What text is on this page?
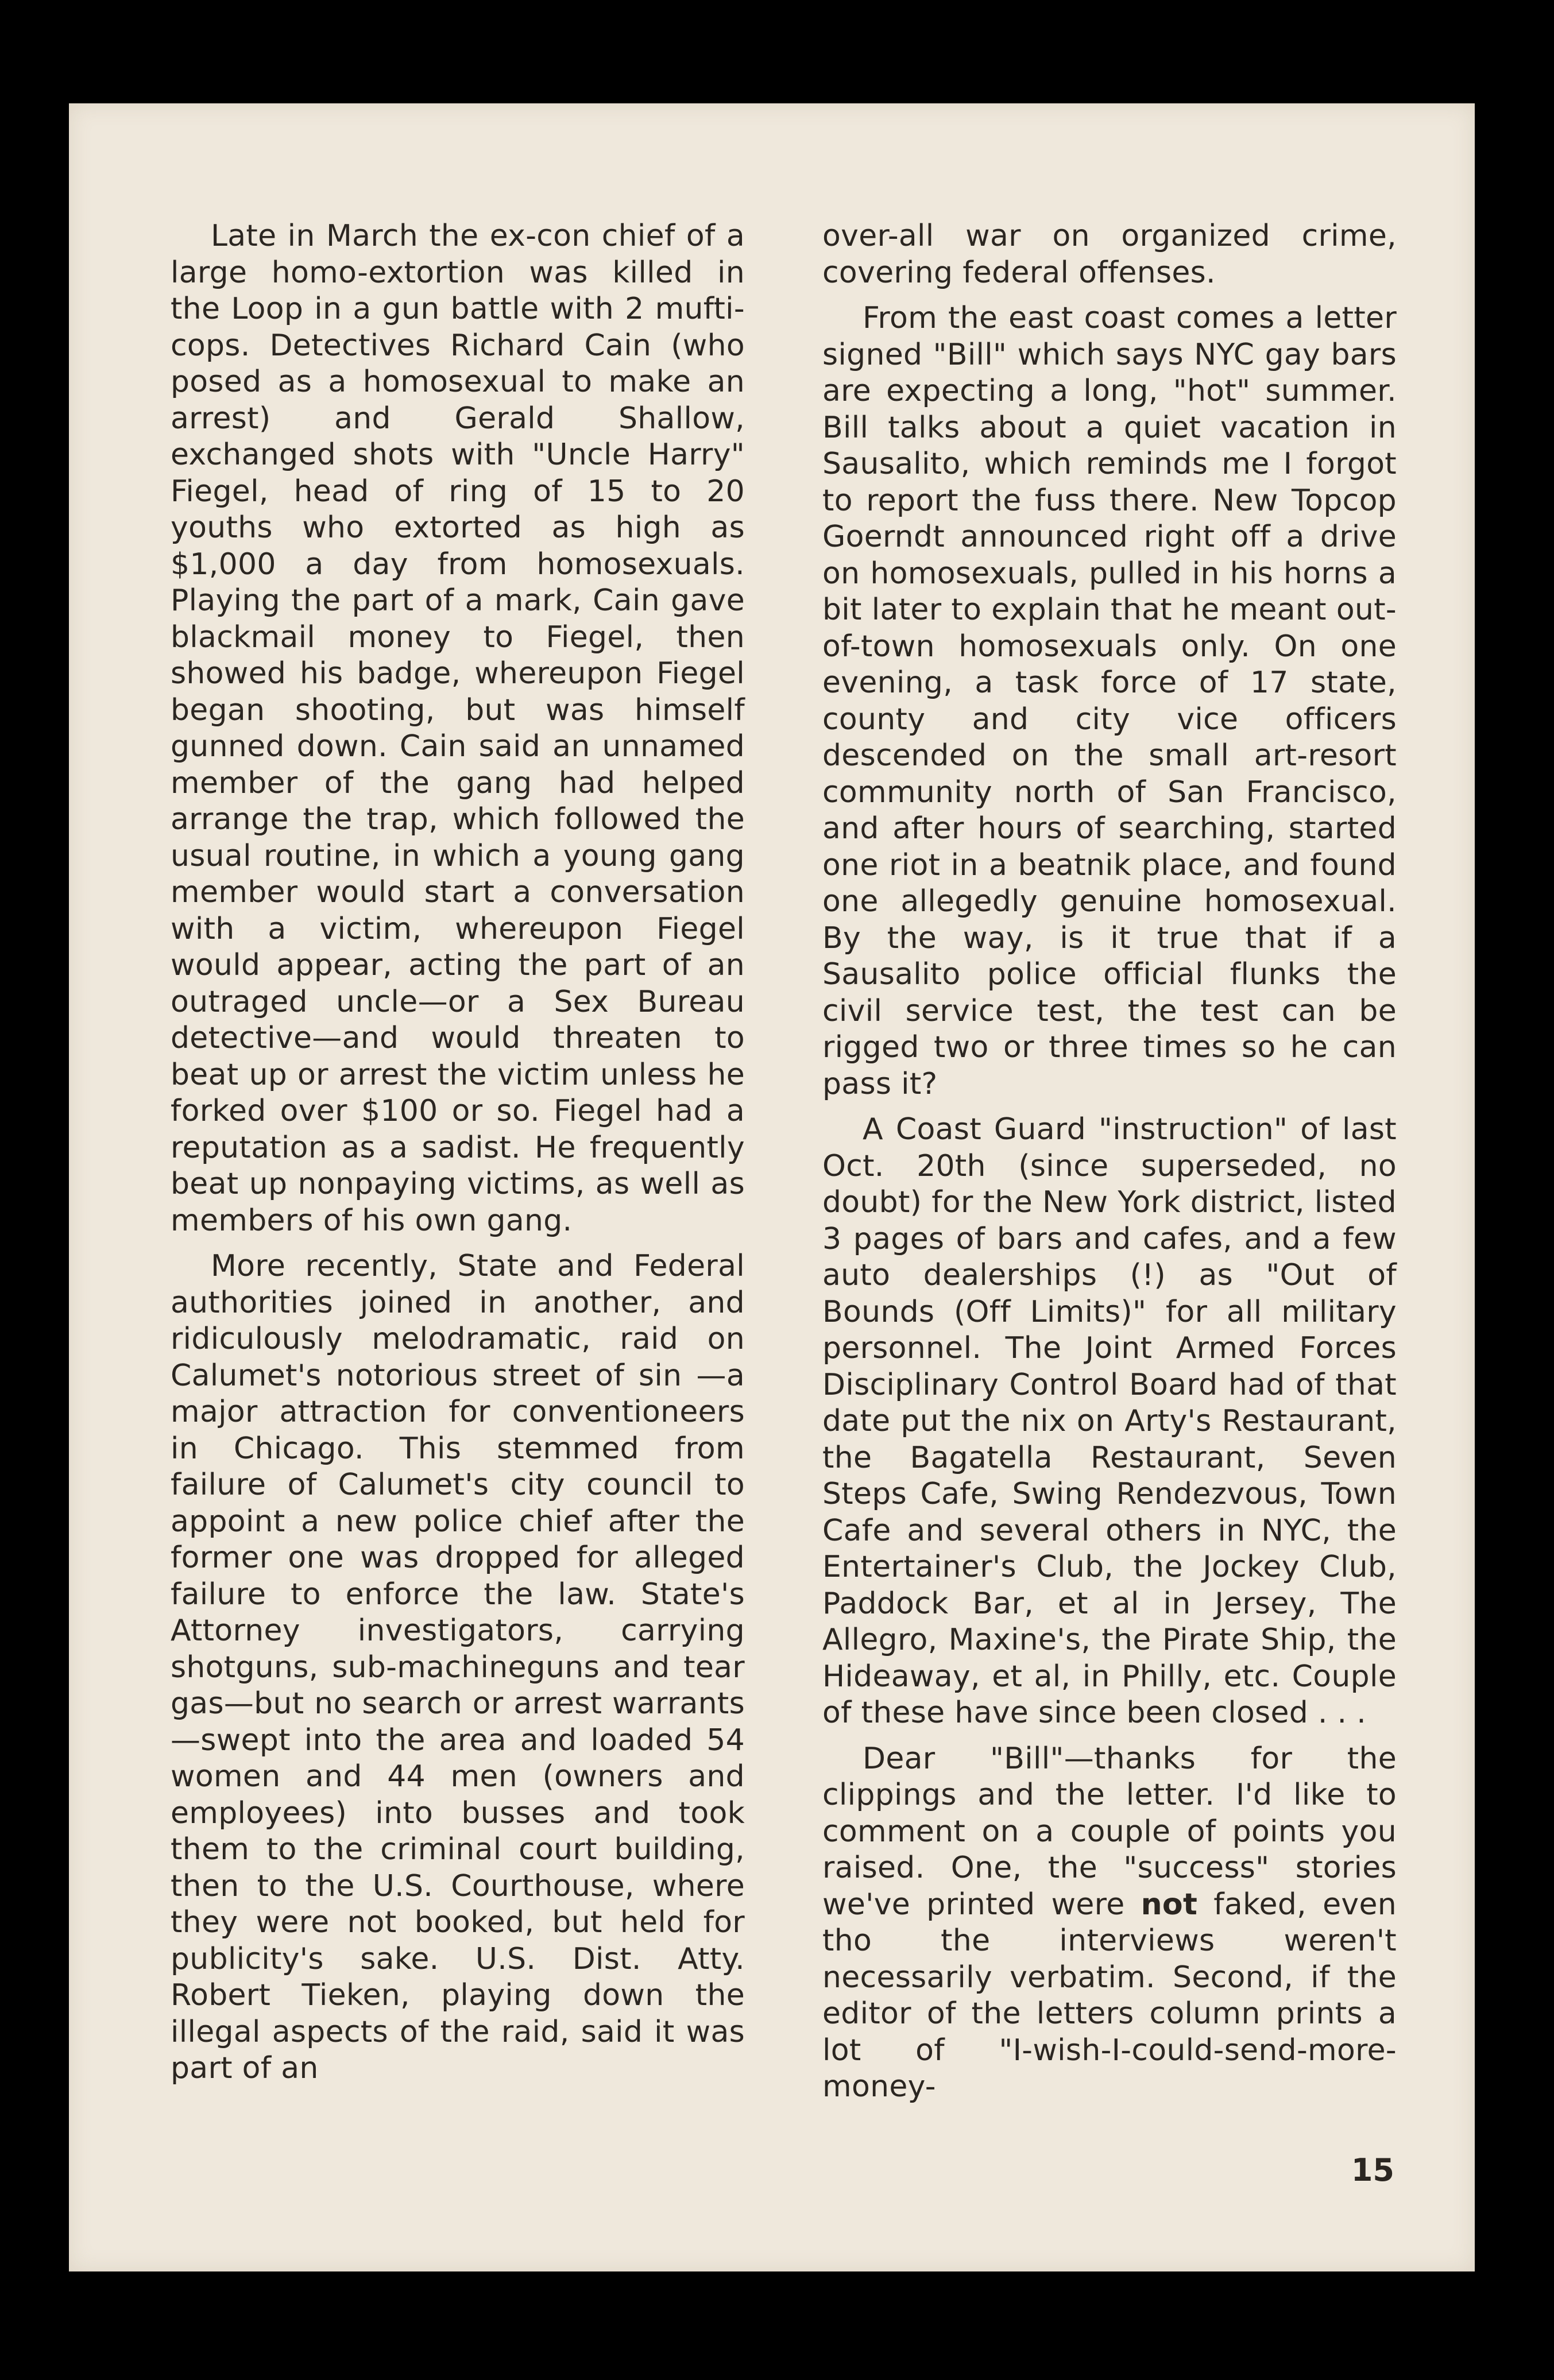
Late in March the ex-con chief of a large homo-extortion was killed in the Loop in a gun battle with 2 mufti-cops. Detectives Richard Cain (who posed as a homosexual to make an arrest) and Gerald Shallow, exchanged shots with "Uncle Harry" Fiegel, head of ring of 15 to 20 youths who extorted as high as $1,000 a day from homosexuals. Playing the part of a mark, Cain gave blackmail money to Fiegel, then showed his badge, whereupon Fiegel began shooting, but was himself gunned down. Cain said an unnamed member of the gang had helped arrange the trap, which followed the usual routine, in which a young gang member would start a conversation with a victim, whereupon Fiegel would appear, acting the part of an outraged uncle—or a Sex Bureau detective—and would threaten to beat up or arrest the victim unless he forked over $100 or so. Fiegel had a reputation as a sadist. He frequently beat up nonpaying victims, as well as members of his own gang.

More recently, State and Federal authorities joined in another, and ridiculously melodramatic, raid on Calumet's notorious street of sin —a major attraction for conventioneers in Chicago. This stemmed from failure of Calumet's city council to appoint a new police chief after the former one was dropped for alleged failure to enforce the law. State's Attorney investigators, carrying shotguns, sub-machineguns and tear gas—but no search or arrest warrants—swept into the area and loaded 54 women and 44 men (owners and employees) into busses and took them to the criminal court building, then to the U.S. Courthouse, where they were not booked, but held for publicity's sake. U.S. Dist. Atty. Robert Tieken, playing down the illegal aspects of the raid, said it was part of an

over-all war on organized crime, covering federal offenses.

From the east coast comes a letter signed "Bill" which says NYC gay bars are expecting a long, "hot" summer. Bill talks about a quiet vacation in Sausalito, which reminds me I forgot to report the fuss there. New Topcop Goerndt announced right off a drive on homosexuals, pulled in his horns a bit later to explain that he meant out-of-town homosexuals only. On one evening, a task force of 17 state, county and city vice officers descended on the small art-resort community north of San Francisco, and after hours of searching, started one riot in a beatnik place, and found one allegedly genuine homosexual. By the way, is it true that if a Sausalito police official flunks the civil service test, the test can be rigged two or three times so he can pass it?

A Coast Guard "instruction" of last Oct. 20th (since superseded, no doubt) for the New York district, listed 3 pages of bars and cafes, and a few auto dealerships (!) as "Out of Bounds (Off Limits)" for all military personnel. The Joint Armed Forces Disciplinary Control Board had of that date put the nix on Arty's Restaurant, the Bagatella Restaurant, Seven Steps Cafe, Swing Rendezvous, Town Cafe and several others in NYC, the Entertainer's Club, the Jockey Club, Paddock Bar, et al in Jersey, The Allegro, Maxine's, the Pirate Ship, the Hideaway, et al, in Philly, etc. Couple of these have since been closed . . .

Dear "Bill"—thanks for the clippings and the letter. I'd like to comment on a couple of points you raised. One, the "success" stories we've printed were not faked, even tho the interviews weren't necessarily verbatim. Second, if the editor of the letters column prints a lot of "I-wish-I-could-send-more-money-

15
